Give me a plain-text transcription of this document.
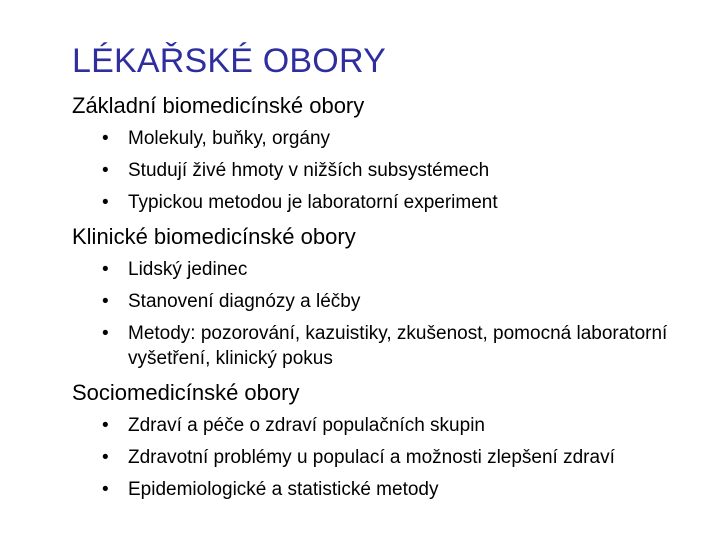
LÉKAŘSKÉ OBORY
Základní biomedicínské obory
• Molekuly, buňky, orgány
• Studují živé hmoty v nižších subsystémech
• Typickou metodou je laboratorní experiment
Klinické biomedicínské obory
• Lidský jedinec
• Stanovení diagnózy a léčby
• Metody: pozorování, kazuistiky, zkušenost, pomocná laboratorní vyšetření, klinický pokus
Sociomedicínské obory
• Zdraví a péče o zdraví populačních skupin
• Zdravotní problémy u populací a možnosti zlepšení zdraví
• Epidemiologické a statistické metody
